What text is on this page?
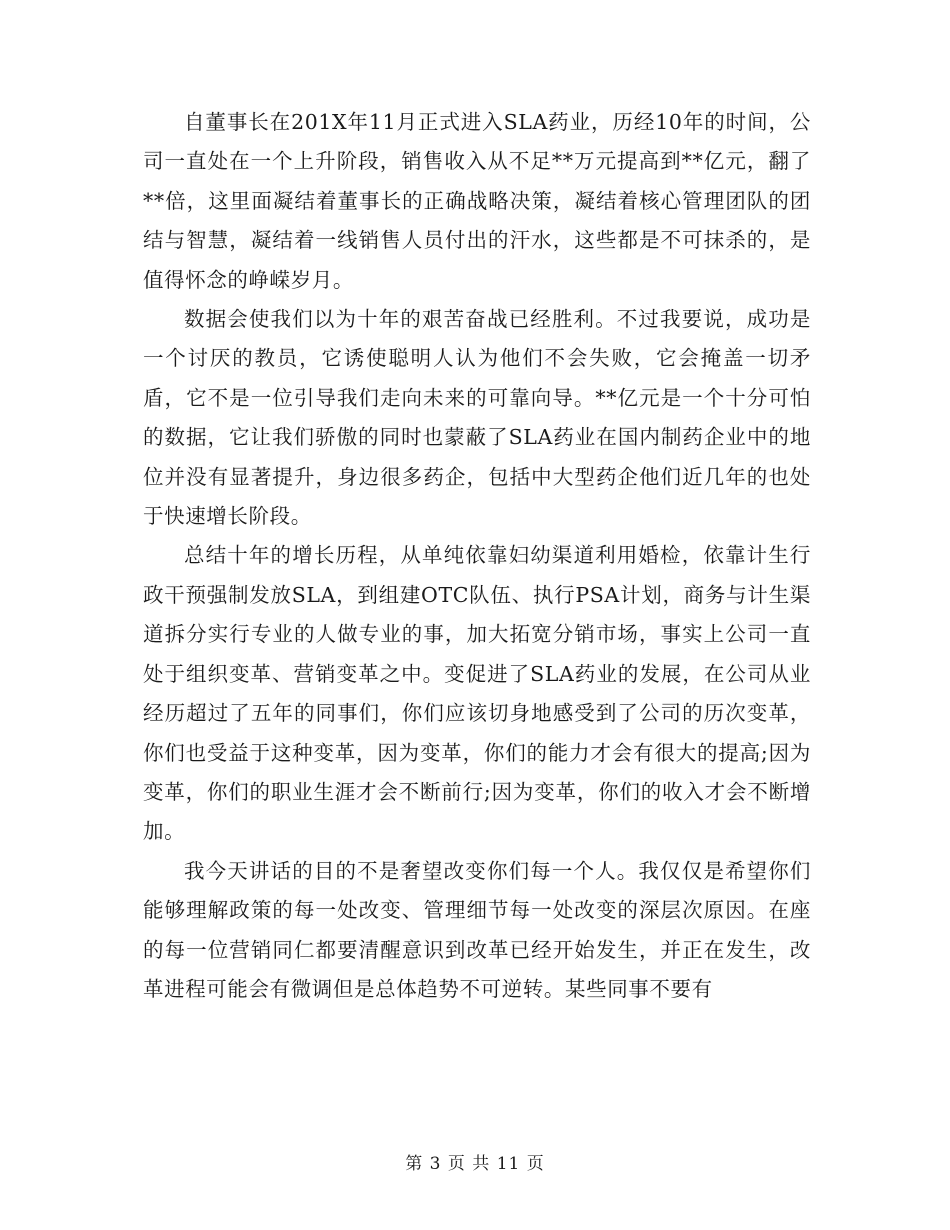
自董事长在201X年11月正式进入SLA药业，历经10年的时间，公司一直处在一个上升阶段，销售收入从不足**万元提高到**亿元，翻了**倍，这里面凝结着董事长的正确战略决策，凝结着核心管理团队的团结与智慧，凝结着一线销售人员付出的汗水，这些都是不可抹杀的，是值得怀念的峥嵘岁月。

数据会使我们以为十年的艰苦奋战已经胜利。不过我要说，成功是一个讨厌的教员，它诱使聪明人认为他们不会失败，它会掩盖一切矛盾，它不是一位引导我们走向未来的可靠向导。**亿元是一个十分可怕的数据，它让我们骄傲的同时也蒙蔽了SLA药业在国内制药企业中的地位并没有显著提升，身边很多药企，包括中大型药企他们近几年的也处于快速增长阶段。

总结十年的增长历程，从单纯依靠妇幼渠道利用婚检，依靠计生行政干预强制发放SLA，到组建OTC队伍、执行PSA计划，商务与计生渠道拆分实行专业的人做专业的事，加大拓宽分销市场，事实上公司一直处于组织变革、营销变革之中。变促进了SLA药业的发展，在公司从业经历超过了五年的同事们，你们应该切身地感受到了公司的历次变革，你们也受益于这种变革，因为变革，你们的能力才会有很大的提高;因为变革，你们的职业生涯才会不断前行;因为变革，你们的收入才会不断增加。

我今天讲话的目的不是奢望改变你们每一个人。我仅仅是希望你们能够理解政策的每一处改变、管理细节每一处改变的深层次原因。在座的每一位营销同仁都要清醒意识到改革已经开始发生，并正在发生，改革进程可能会有微调但是总体趋势不可逆转。某些同事不要有

第 3 页 共 11 页
